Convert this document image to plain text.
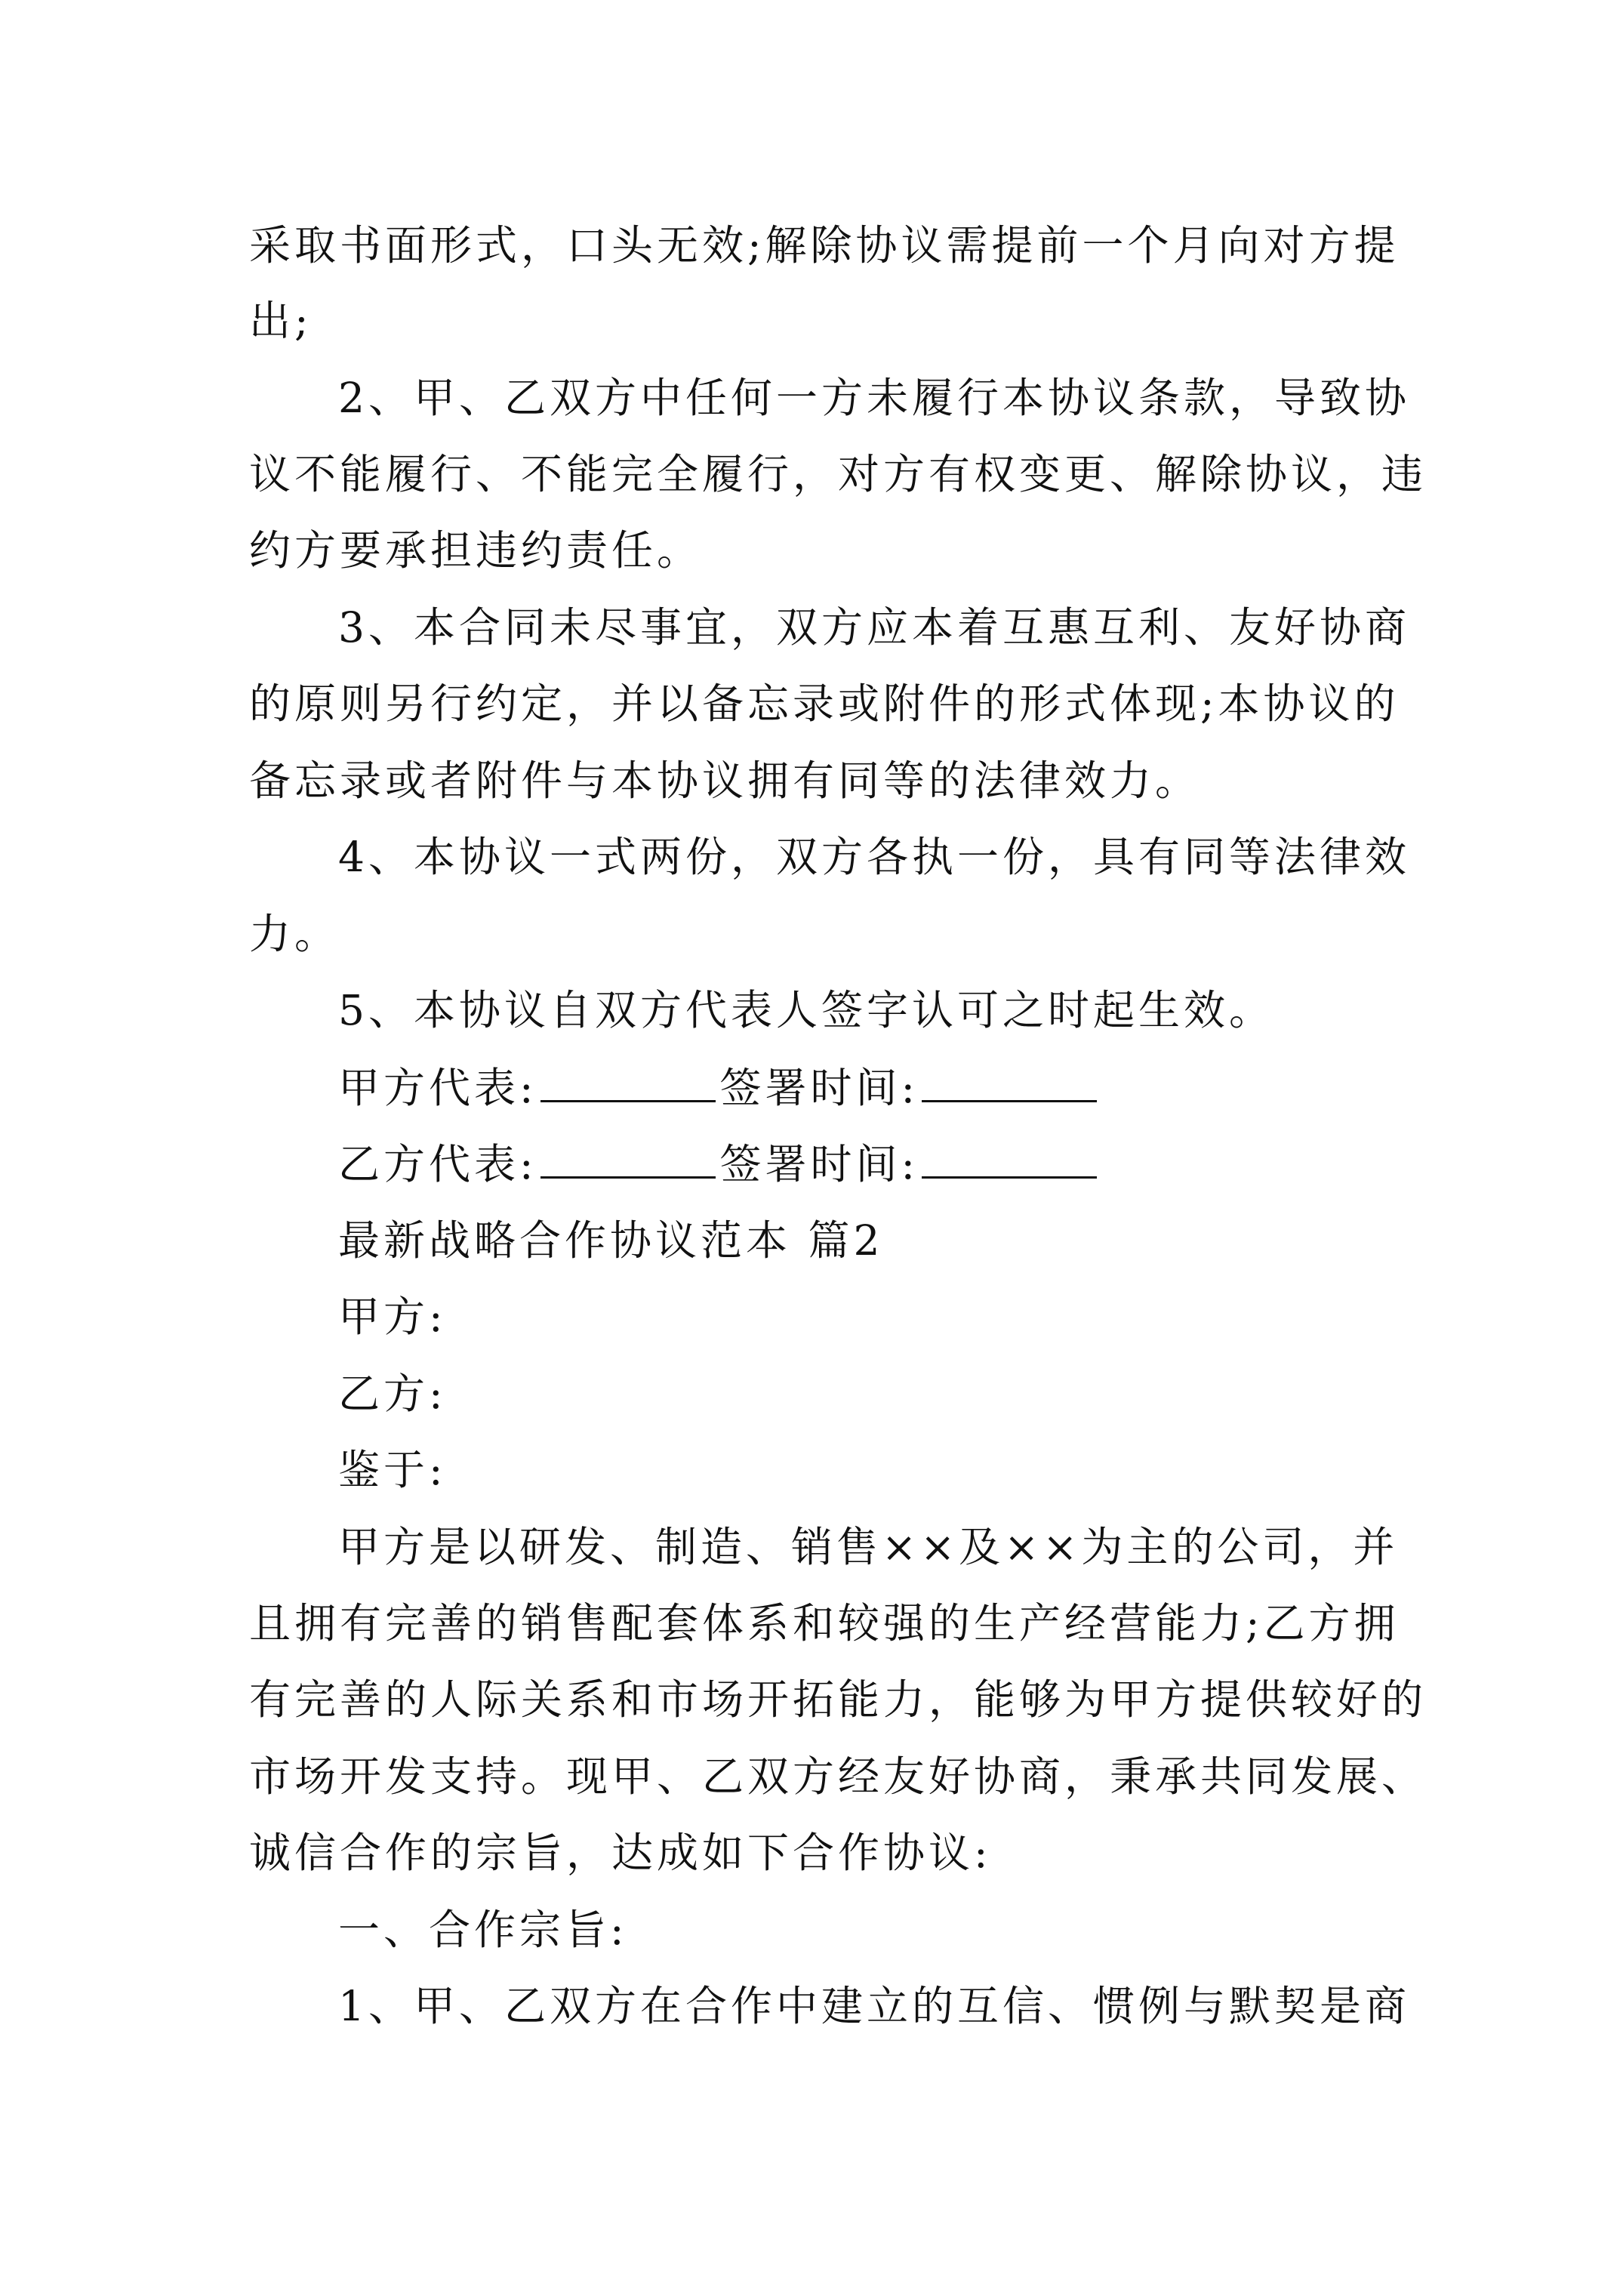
采取书面形式，口头无效;解除协议需提前一个月向对方提
出;
2、甲、乙双方中任何一方未履行本协议条款，导致协
议不能履行、不能完全履行，对方有权变更、解除协议，违
约方要承担违约责任。
3、本合同未尽事宜，双方应本着互惠互利、友好协商
的原则另行约定，并以备忘录或附件的形式体现;本协议的
备忘录或者附件与本协议拥有同等的法律效力。
4、本协议一式两份，双方各执一份，具有同等法律效
力。
5、本协议自双方代表人签字认可之时起生效。
甲方代表:	签署时间:
乙方代表:	签署时间:
最新战略合作协议范本 篇2
甲方:
乙方:
鉴于:
甲方是以研发、制造、销售××及××为主的公司，并
且拥有完善的销售配套体系和较强的生产经营能力;乙方拥
有完善的人际关系和市场开拓能力，能够为甲方提供较好的
市场开发支持。现甲、乙双方经友好协商，秉承共同发展、
诚信合作的宗旨，达成如下合作协议:
一、合作宗旨:
1、甲、乙双方在合作中建立的互信、惯例与默契是商
